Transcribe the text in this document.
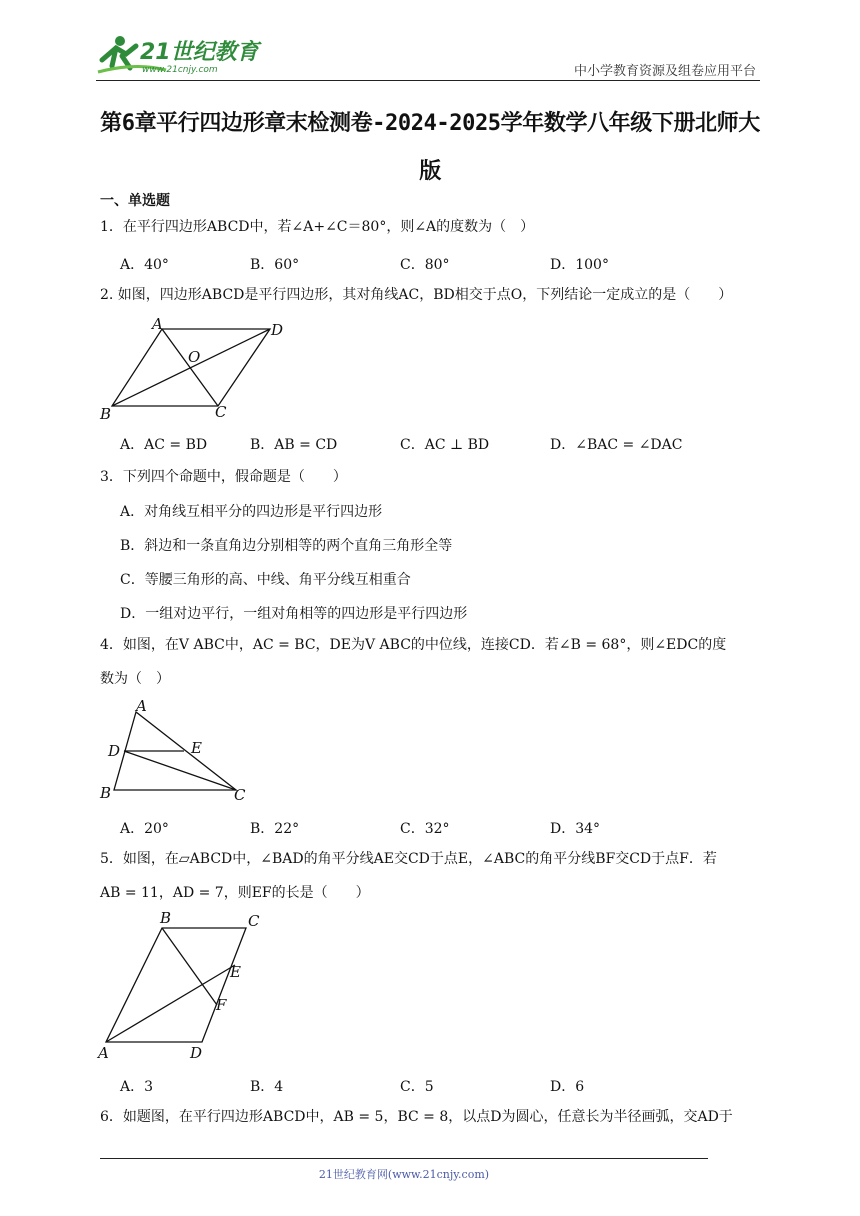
21世纪教育
www.21cnjy.com	中小学教育资源及组卷应用平台
第6章平行四边形章末检测卷-2024-2025学年数学八年级下册北师大版
一、单选题
1．在平行四边形ABCD中，若∠A+∠C＝80°，则∠A的度数为（　）
A．40°	B．60°	C．80°	D．100°
2. 如图，四边形ABCD是平行四边形，其对角线AC，BD相交于点O，下列结论一定成立的是（　　）
A	D
O
B	C
A．AC = BD	B．AB = CD	C．AC ⊥ BD	D．∠BAC = ∠DAC
3．下列四个命题中，假命题是（　　）
A．对角线互相平分的四边形是平行四边形
B．斜边和一条直角边分别相等的两个直角三角形全等
C．等腰三角形的高、中线、角平分线互相重合
D．一组对边平行，一组对角相等的四边形是平行四边形
4．如图，在V ABC中，AC = BC，DE为V ABC的中位线，连接CD．若∠B = 68°，则∠EDC的度
数为（　）
A
D	E
B	C
A．20°	B．22°	C．32°	D．34°
5．如图，在▱ABCD中，∠BAD的角平分线AE交CD于点E，∠ABC的角平分线BF交CD于点F．若
AB = 11，AD = 7，则EF的长是（　　）
B	C
E
F
A	D
A．3	B．4	C．5	D．6
6．如题图，在平行四边形ABCD中，AB = 5，BC = 8，以点D为圆心，任意长为半径画弧，交AD于
21世纪教育网(www.21cnjy.com)
